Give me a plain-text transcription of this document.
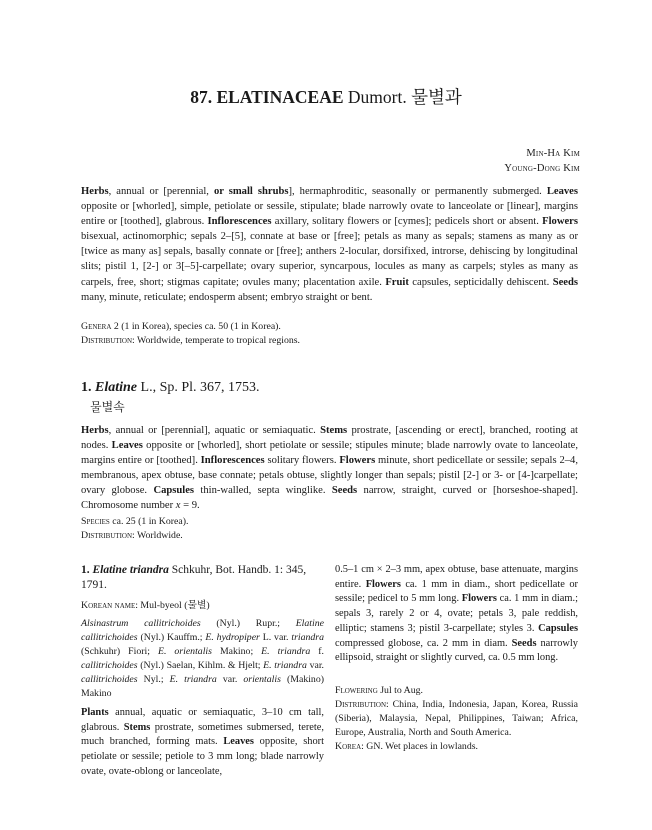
87. ELATINACEAE Dumort. 물별과
Min-Ha Kim
Young-Dong Kim
Herbs, annual or [perennial, or small shrubs], hermaphroditic, seasonally or permanently submerged. Leaves opposite or [whorled], simple, petiolate or sessile, stipulate; blade narrowly ovate to lanceolate or [linear], margins entire or [toothed], glabrous. Inflorescences axillary, solitary flowers or [cymes]; pedicels short or absent. Flowers bisexual, actinomorphic; sepals 2–[5], connate at base or [free]; petals as many as sepals; stamens as many as or [twice as many as] sepals, basally connate or [free]; anthers 2-locular, dorsifixed, introrse, dehiscing by longitudinal slits; pistil 1, [2-] or 3[–5]-carpellate; ovary superior, syncarpous, locules as many as carpels; styles as many as carpels, free, short; stigmas capitate; ovules many; placentation axile. Fruit capsules, septicidally dehiscent. Seeds many, minute, reticulate; endosperm absent; embryo straight or bent.
Genera 2 (1 in Korea), species ca. 50 (1 in Korea).
Distribution: Worldwide, temperate to tropical regions.
1. Elatine L., Sp. Pl. 367, 1753.
물별속
Herbs, annual or [perennial], aquatic or semiaquatic. Stems prostrate, [ascending or erect], branched, rooting at nodes. Leaves opposite or [whorled], short petiolate or sessile; stipules minute; blade narrowly ovate to lanceolate, margins entire or [toothed]. Inflorescences solitary flowers. Flowers minute, short pedicellate or sessile; sepals 2–4, membranous, apex obtuse, base connate; petals obtuse, slightly longer than sepals; pistil [2-] or 3- or [4-]carpellate; ovary globose. Capsules thin-walled, septa winglike. Seeds narrow, straight, curved or [horseshoe-shaped]. Chromosome number x = 9.
Species ca. 25 (1 in Korea).
Distribution: Worldwide.

1. Elatine triandra Schkuhr, Bot. Handb. 1: 345, 1791.

Korean name: Mul-byeol (물별)

Alsinastrum callitrichoides (Nyl.) Rupr.; Elatine callitrichoides (Nyl.) Kauffm.; E. hydropiper L. var. triandra (Schkuhr) Fiori; E. orientalis Makino; E. triandra f. callitrichoides (Nyl.) Saelan, Kihlm. & Hjelt; E. triandra var. callitrichoides Nyl.; E. triandra var. orientalis (Makino) Makino

Plants annual, aquatic or semiaquatic, 3–10 cm tall, glabrous. Stems prostrate, sometimes submersed, terete, much branched, forming mats. Leaves opposite, short petiolate or sessile; petiole to 3 mm long; blade narrowly ovate, ovate-oblong or lanceolate,

0.5–1 cm × 2–3 mm, apex obtuse, base attenuate, margins entire. Flowers ca. 1 mm in diam., short pedicellate or sessile; pedicel to 5 mm long. Flowers ca. 1 mm in diam.; sepals 3, rarely 2 or 4, ovate; petals 3, pale reddish, elliptic; stamens 3; pistil 3-carpellate; styles 3. Capsules compressed globose, ca. 2 mm in diam. Seeds narrowly ellipsoid, straight or slightly curved, ca. 0.5 mm long.

Flowering Jul to Aug.

Distribution: China, India, Indonesia, Japan, Korea, Russia (Siberia), Malaysia, Nepal, Philippines, Taiwan; Africa, Europe, Australia, North and South America.

Korea: GN. Wet places in lowlands.
